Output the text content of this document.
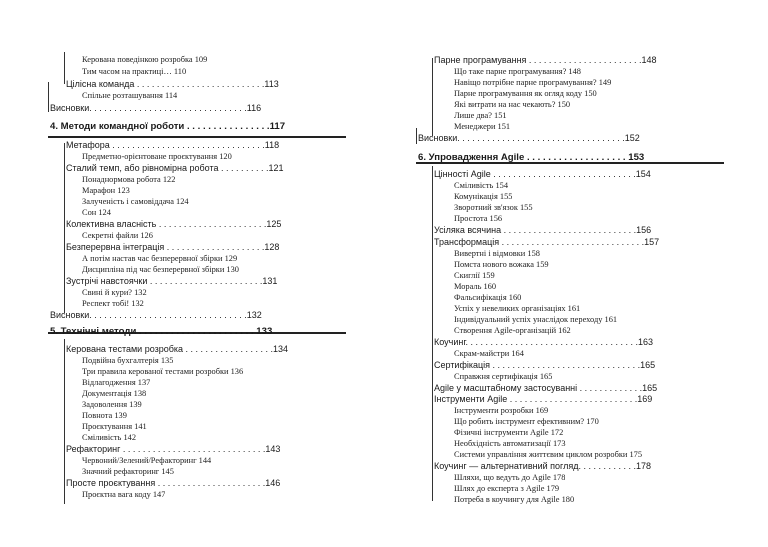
Керована поведінкою розробка 109
Тим часом на практиці… 110
Цілісна команда . . . . . . . . . . . . . . . . . . . . . . . . . .113
Спільне розташування 114
Висновки. . . . . . . . . . . . . . . . . . . . . . . . . . . . . . . .116
4. Методи командної роботи . . . . . . . . . . . . . . . .117
Метафора . . . . . . . . . . . . . . . . . . . . . . . . . . . . . . .118
Предметно-орієнтоване проєктування 120
Сталий темп, або рівномірна робота . . . . . . . . . .121
Понаднормова робота 122
Марафон 123
Залученість і самовіддача 124
Сон 124
Колективна власність . . . . . . . . . . . . . . . . . . . . . .125
Секретні файли 126
Безперервна інтеграція . . . . . . . . . . . . . . . . . . . .128
А потім настав час безперервної збірки 129
Дисципліна під час безперервної збірки 130
Зустрічі навстоячки . . . . . . . . . . . . . . . . . . . . . . .131
Свині й кури? 132
Респект тобі! 132
Висновки. . . . . . . . . . . . . . . . . . . . . . . . . . . . . . . .132
5. Технічні методи . . . . . . . . . . . . . . . . . . . . . . 133
Керована тестами розробка . . . . . . . . . . . . . . . . . .134
Подвійна бухгалтерія 135
Три правила керованої тестами розробки 136
Відлагодження 137
Документація 138
Задоволення 139
Повнота 139
Проєктування 141
Сміливість 142
Рефакторинг . . . . . . . . . . . . . . . . . . . . . . . . . . . . .143
Червоний/Зелений/Рефакторинг 144
Значний рефакторинг 145
Просте проєктування . . . . . . . . . . . . . . . . . . . . . .146
Проєктна вага коду 147
Парне програмування . . . . . . . . . . . . . . . . . . . . . . .148
Що таке парне програмування? 148
Навіщо потрібне парне програмування? 149
Парне програмування як огляд коду 150
Які витрати на нас чекають? 150
Лише два? 151
Менеджери 151
Висновки. . . . . . . . . . . . . . . . . . . . . . . . . . . . . . . . . .152
6. Упровадження Agile . . . . . . . . . . . . . . . . . . . 153
Цінності Agile . . . . . . . . . . . . . . . . . . . . . . . . . . . . .154
Сміливість 154
Комунікація 155
Зворотний зв'язок 155
Простота 156
Усіляка всячина . . . . . . . . . . . . . . . . . . . . . . . . . . .156
Трансформація . . . . . . . . . . . . . . . . . . . . . . . . . . . . .157
Вивертні і відмовки 158
Помста нового вожака 159
Скиглії 159
Мораль 160
Фальсифікація 160
Успіх у невеликих організаціях 161
Індивідуальний успіх унаслідок переходу 161
Створення Agile-організацій 162
Коучинг. . . . . . . . . . . . . . . . . . . . . . . . . . . . . . . . . . .163
Скрам-майстри 164
Сертифікація . . . . . . . . . . . . . . . . . . . . . . . . . . . . . .165
Справжня сертифікація 165
Agile у масштабному застосуванні . . . . . . . . . . . . .165
Інструменти Agile . . . . . . . . . . . . . . . . . . . . . . . . . .169
Інструменти розробки 169
Що робить інструмент ефективним? 170
Фізичні інструменти Agile 172
Необхідність автоматизації 173
Системи управління життєвим циклом розробки 175
Коучинг — альтернативний погляд. . . . . . . . . . . .178
Шляхи, що ведуть до Agile 178
Шлях до експерта з Agile 179
Потреба в коучингу для Agile 180
